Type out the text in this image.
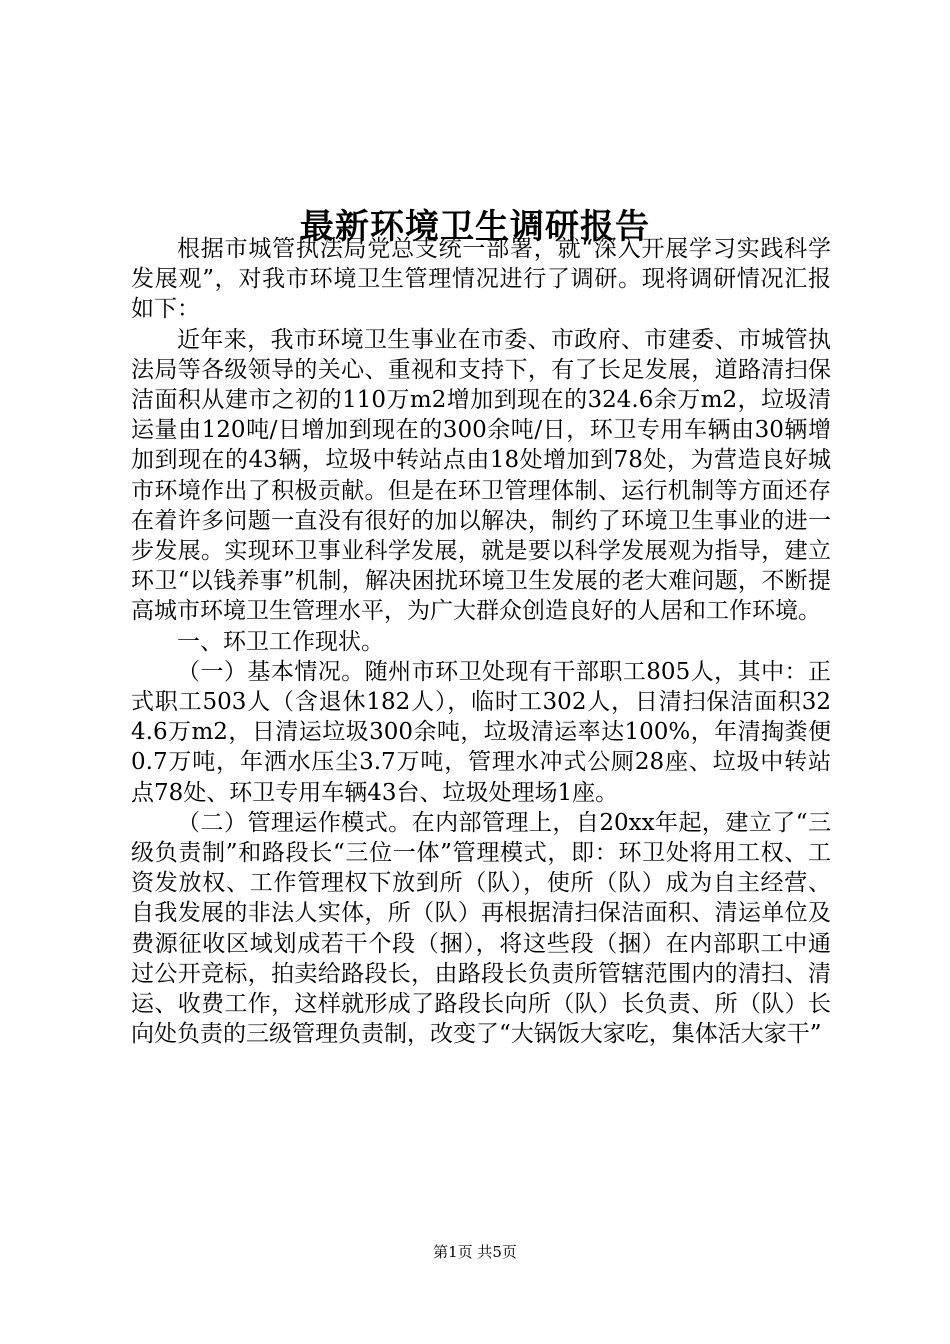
最新环境卫生调研报告

根据市城管执法局党总支统一部署，就“深入开展学习实践科学发展观”，对我市环境卫生管理情况进行了调研。现将调研情况汇报如下：

近年来，我市环境卫生事业在市委、市政府、市建委、市城管执法局等各级领导的关心、重视和支持下，有了长足发展，道路清扫保洁面积从建市之初的110万m2增加到现在的324.6余万m2，垃圾清运量由120吨/日增加到现在的300余吨/日，环卫专用车辆由30辆增加到现在的43辆，垃圾中转站点由18处增加到78处，为营造良好城市环境作出了积极贡献。但是在环卫管理体制、运行机制等方面还存在着许多问题一直没有很好的加以解决，制约了环境卫生事业的进一步发展。实现环卫事业科学发展，就是要以科学发展观为指导，建立环卫“以钱养事”机制，解决困扰环境卫生发展的老大难问题，不断提高城市环境卫生管理水平，为广大群众创造良好的人居和工作环境。

一、环卫工作现状。

（一）基本情况。随州市环卫处现有干部职工805人，其中：正式职工503人（含退休182人），临时工302人，日清扫保洁面积324.6万m2，日清运垃圾300余吨，垃圾清运率达100%，年清掏粪便0.7万吨，年洒水压尘3.7万吨，管理水冲式公厕28座、垃圾中转站点78处、环卫专用车辆43台、垃圾处理场1座。

（二）管理运作模式。在内部管理上，自20xx年起，建立了“三级负责制”和路段长“三位一体”管理模式，即：环卫处将用工权、工资发放权、工作管理权下放到所（队），使所（队）成为自主经营、自我发展的非法人实体，所（队）再根据清扫保洁面积、清运单位及费源征收区域划成若干个段（捆），将这些段（捆）在内部职工中通过公开竞标，拍卖给路段长，由路段长负责所管辖范围内的清扫、清运、收费工作，这样就形成了路段长向所（队）长负责、所（队）长向处负责的三级管理负责制，改变了“大锅饭大家吃，集体活大家干”

第1页 共5页
